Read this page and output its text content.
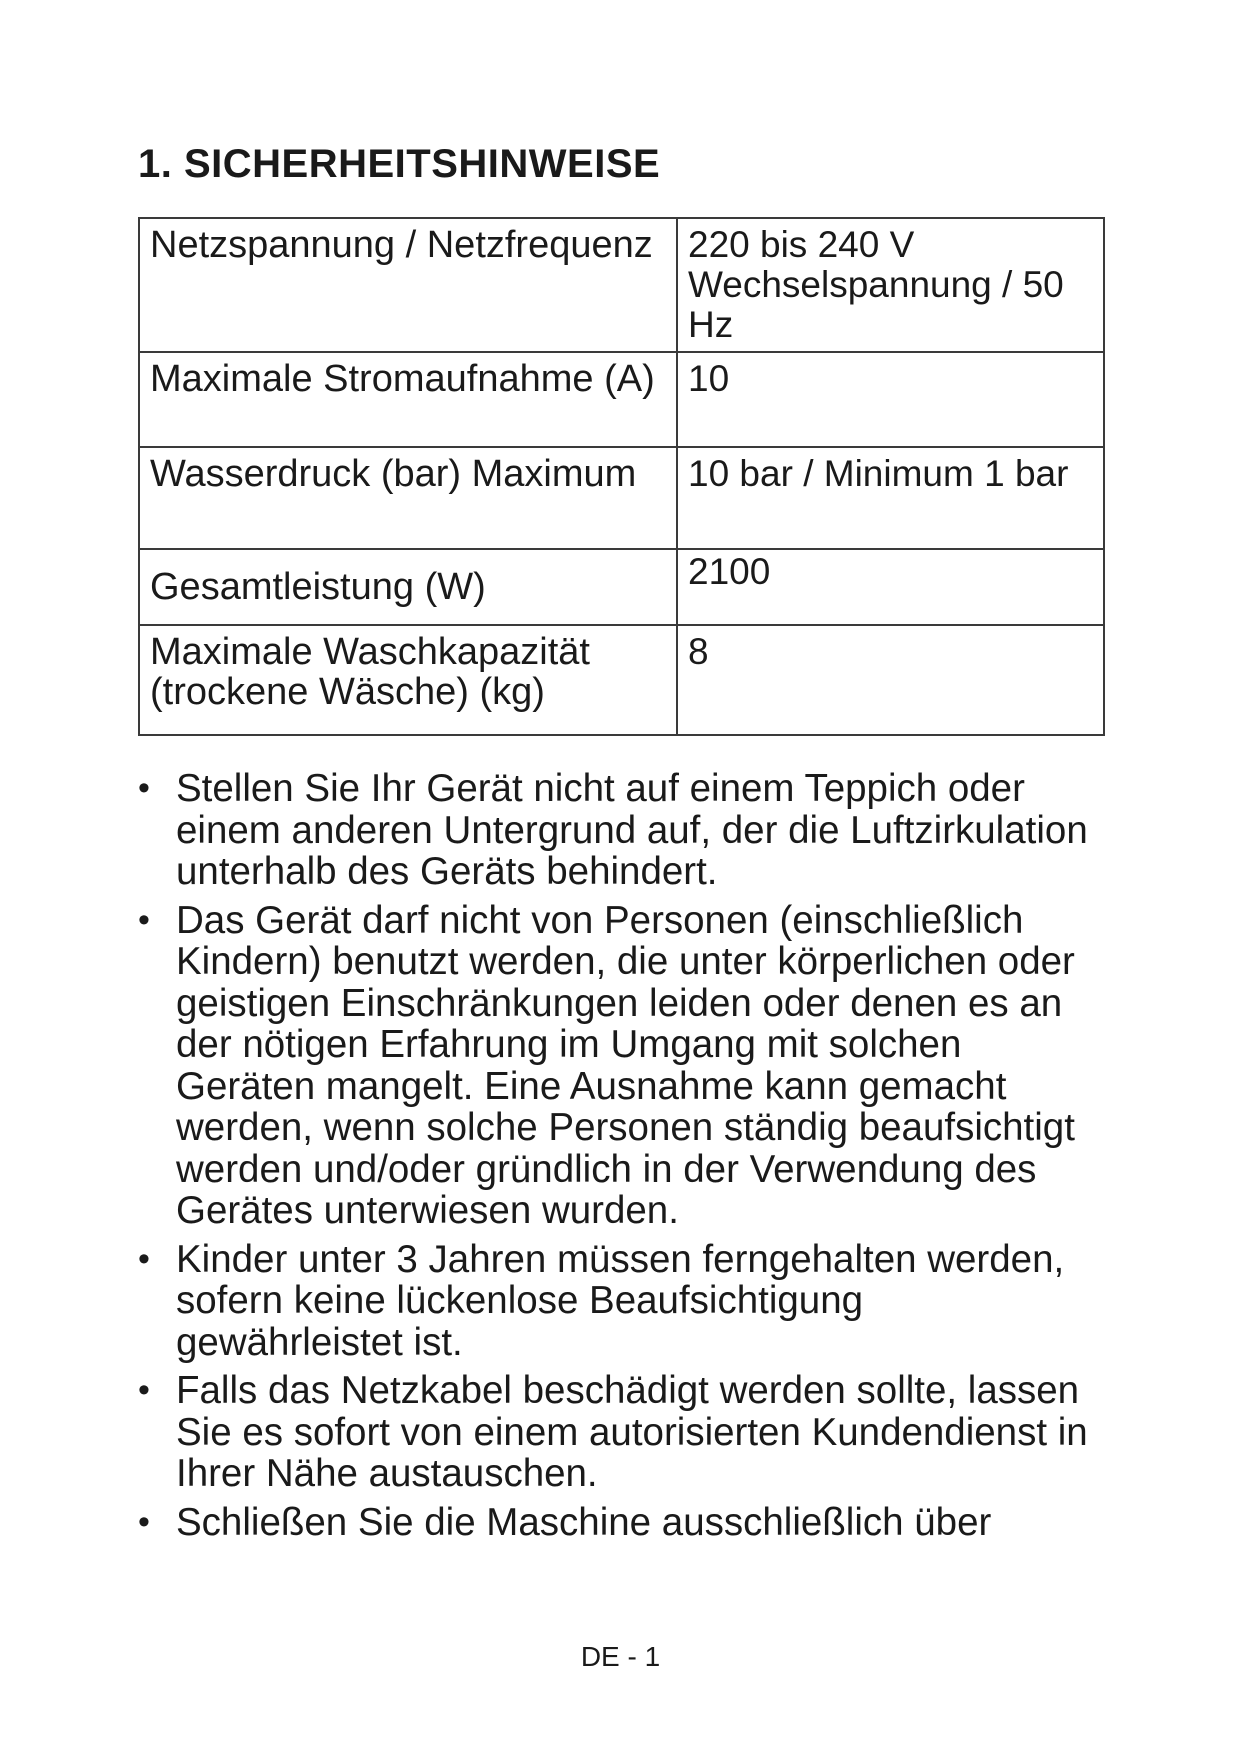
1. SICHERHEITSHINWEISE
Netzspannung / Netzfrequenz	220 bis 240 V Wechselspannung / 50 Hz
Maximale Stromaufnahme (A)	10
Wasserdruck (bar) Maximum	10 bar / Minimum 1 bar
Gesamtleistung (W)	2100
Maximale Waschkapazität (trockene Wäsche) (kg)	8
• Stellen Sie Ihr Gerät nicht auf einem Teppich oder einem anderen Untergrund auf, der die Luftzirkulation unterhalb des Geräts behindert.
• Das Gerät darf nicht von Personen (einschließlich Kindern) benutzt werden, die unter körperlichen oder geistigen Einschränkungen leiden oder denen es an der nötigen Erfahrung im Umgang mit solchen Geräten mangelt. Eine Ausnahme kann gemacht werden, wenn solche Personen ständig beaufsichtigt werden und/oder gründlich in der Verwendung des Gerätes unterwiesen wurden.
• Kinder unter 3 Jahren müssen ferngehalten werden, sofern keine lückenlose Beaufsichtigung gewährleistet ist.
• Falls das Netzkabel beschädigt werden sollte, lassen Sie es sofort von einem autorisierten Kundendienst in Ihrer Nähe austauschen.
• Schließen Sie die Maschine ausschließlich über
DE - 1
